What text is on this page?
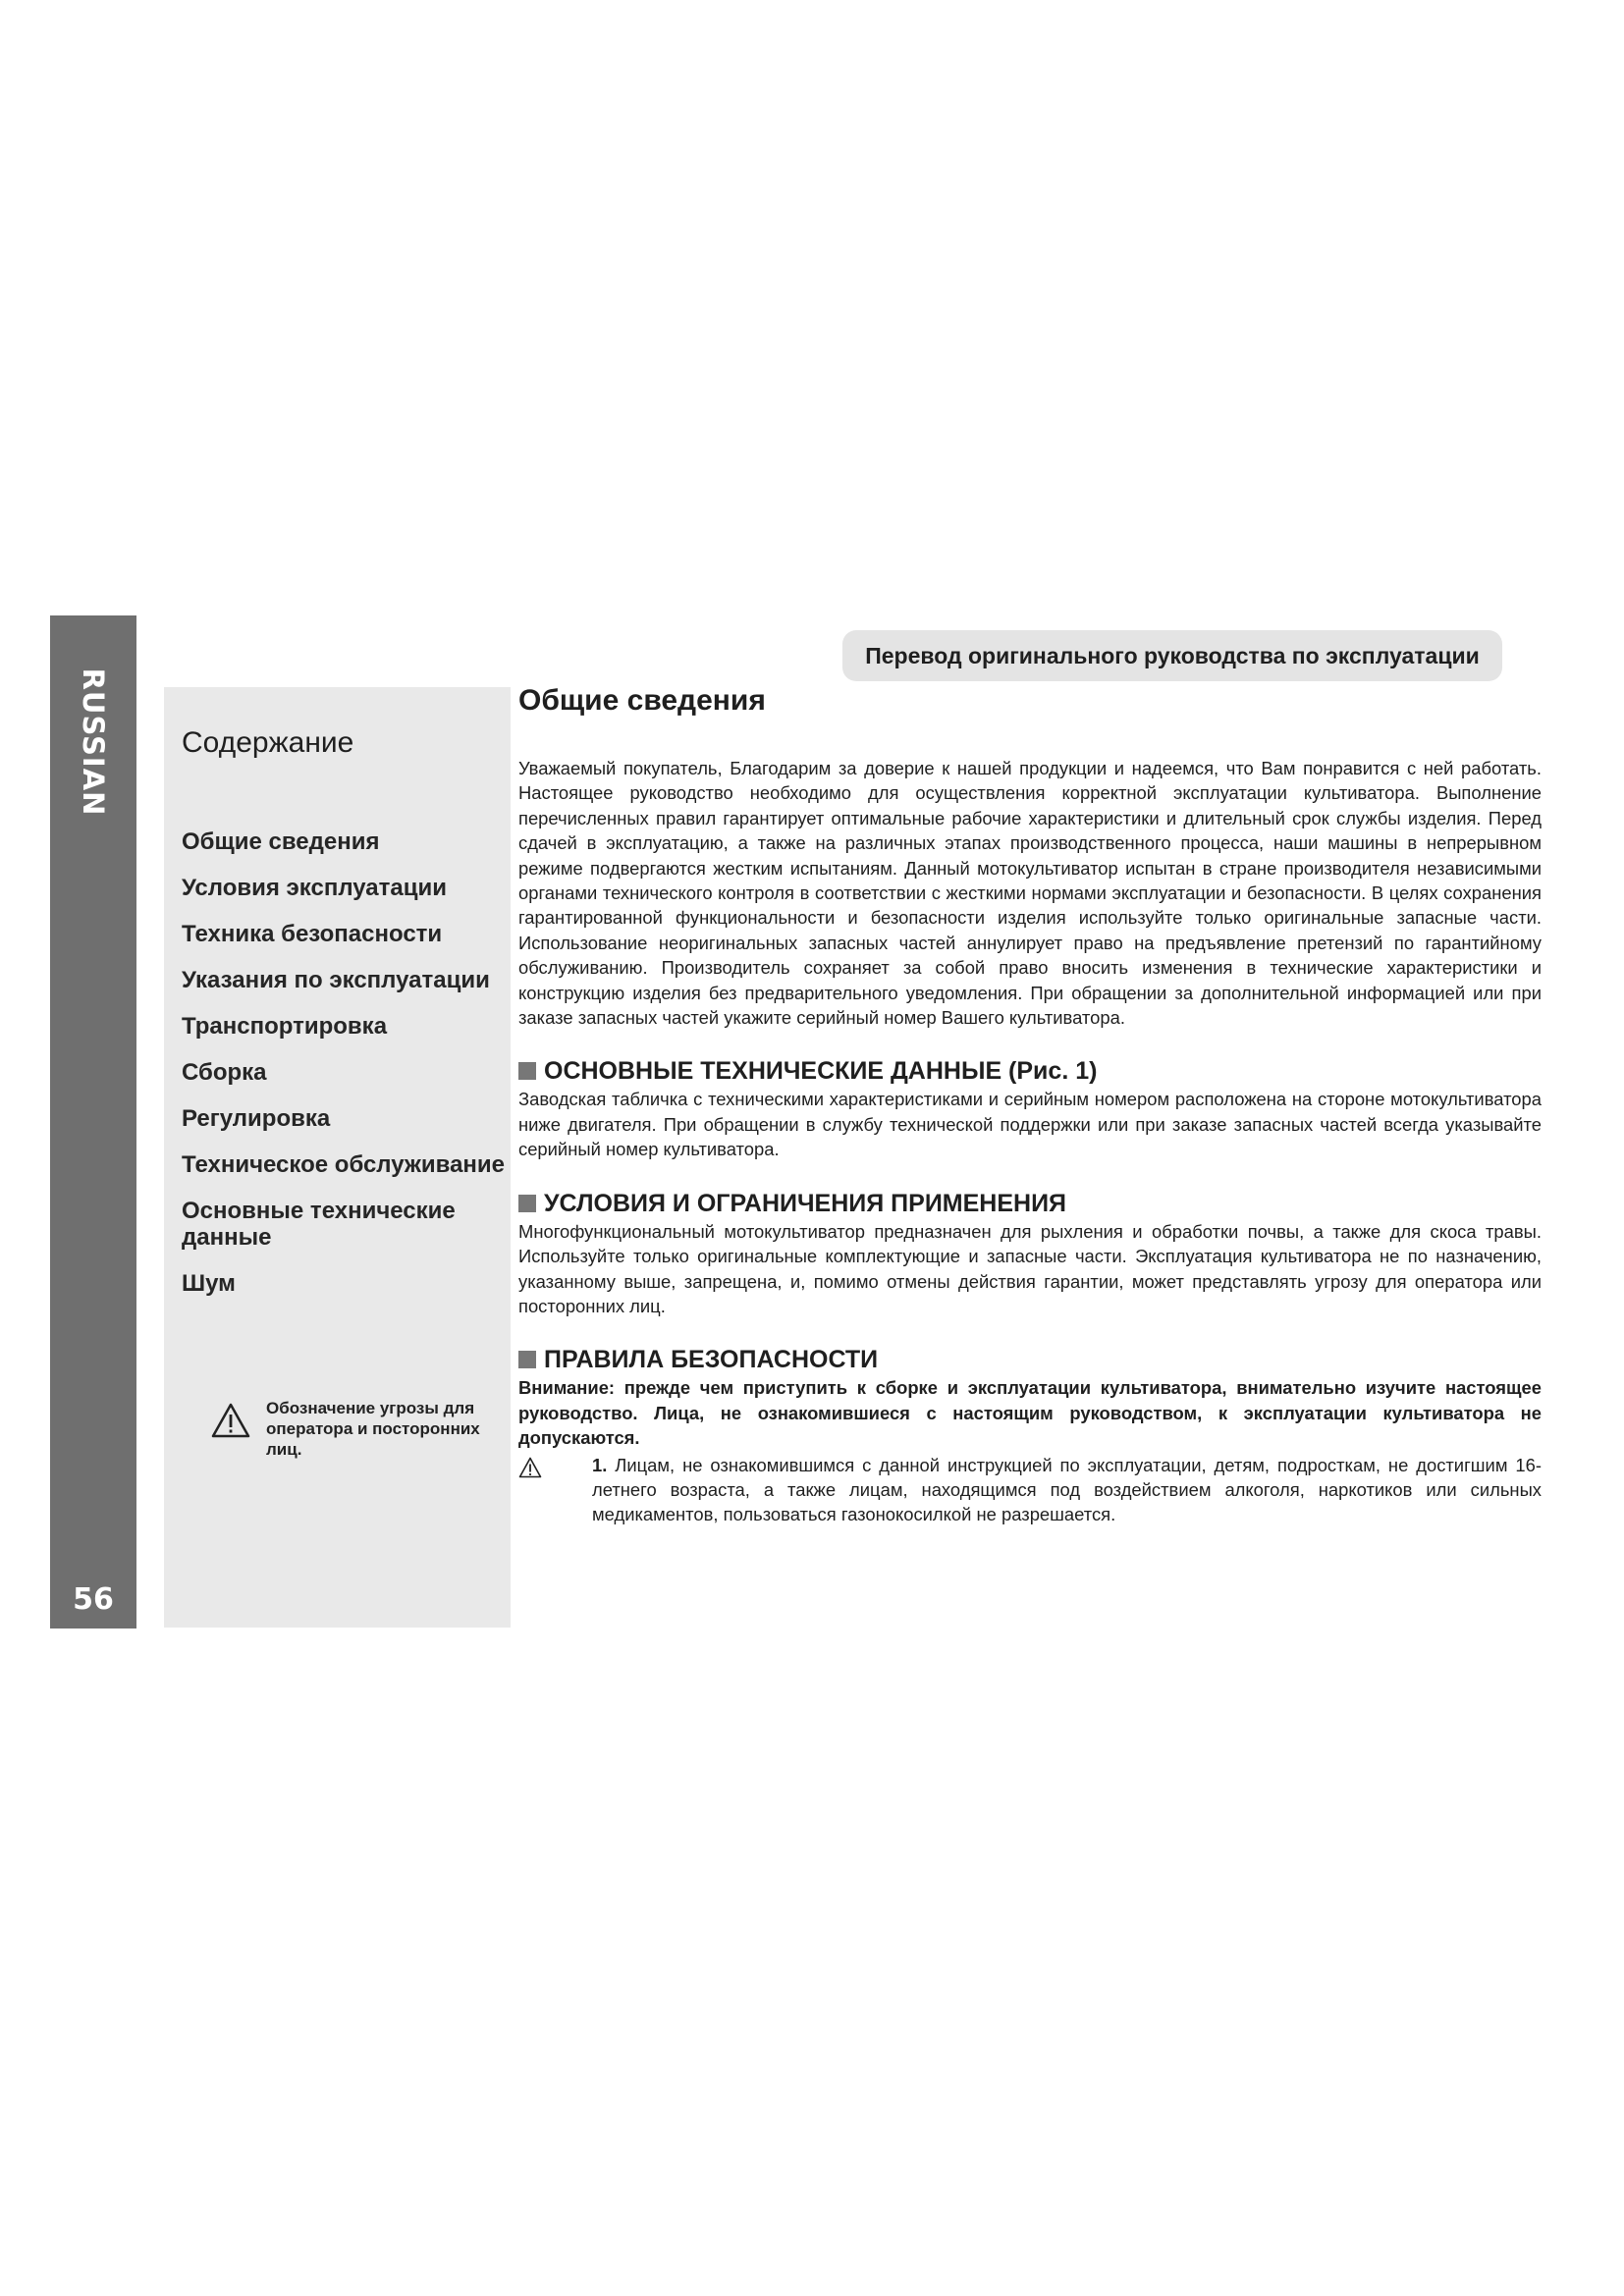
RUSSIAN
56
Содержание
Общие сведения
Условия эксплуатации
Техника безопасности
Указания по эксплуатации
Транспортировка
Сборка
Регулировка
Техническое обслуживание
Основные технические данные
Шум
Обозначение угрозы для оператора и посторонних лиц.
Перевод оригинального руководства по эксплуатации
Общие сведения
Уважаемый покупатель, Благодарим за доверие к нашей продукции и надеемся, что Вам понравится с ней работать. Настоящее руководство необходимо для осуществления корректной эксплуатации культиватора. Выполнение перечисленных правил гарантирует оптимальные рабочие характеристики и длительный срок службы изделия. Перед сдачей в эксплуатацию, а также на различных этапах производственного процесса, наши машины в непрерывном режиме подвергаются жестким испытаниям. Данный мотокультиватор испытан в стране производителя независимыми органами технического контроля в соответствии с жесткими нормами эксплуатации и безопасности. В целях сохранения гарантированной функциональности и безопасности изделия используйте только оригинальные запасные части. Использование неоригинальных запасных частей аннулирует право на предъявление претензий по гарантийному обслуживанию. Производитель сохраняет за собой право вносить изменения в технические характеристики и конструкцию изделия без предварительного уведомления. При обращении за дополнительной информацией или при заказе запасных частей укажите серийный номер Вашего культиватора.
ОСНОВНЫЕ ТЕХНИЧЕСКИЕ ДАННЫЕ (Рис. 1)
Заводская табличка с техническими характеристиками и серийным номером расположена на стороне мотокультиватора ниже двигателя. При обращении в службу технической поддержки или при заказе запасных частей всегда указывайте серийный номер культиватора.
УСЛОВИЯ И ОГРАНИЧЕНИЯ ПРИМЕНЕНИЯ
Многофункциональный мотокультиватор предназначен для рыхления и обработки почвы, а также для скоса травы. Используйте только оригинальные комплектующие и запасные части. Эксплуатация культиватора не по назначению, указанному выше, запрещена, и, помимо отмены действия гарантии, может представлять угрозу для оператора или посторонних лиц.
ПРАВИЛА БЕЗОПАСНОСТИ
Внимание: прежде чем приступить к сборке и эксплуатации культиватора, внимательно изучите настоящее руководство. Лица, не ознакомившиеся с настоящим руководством, к эксплуатации культиватора не допускаются.
1. Лицам, не ознакомившимся с данной инструкцией по эксплуатации, детям, подросткам, не достигшим 16-летнего возраста, а также лицам, находящимся под воздействием алкоголя, наркотиков или сильных медикаментов, пользоваться газонокосилкой не разрешается.
